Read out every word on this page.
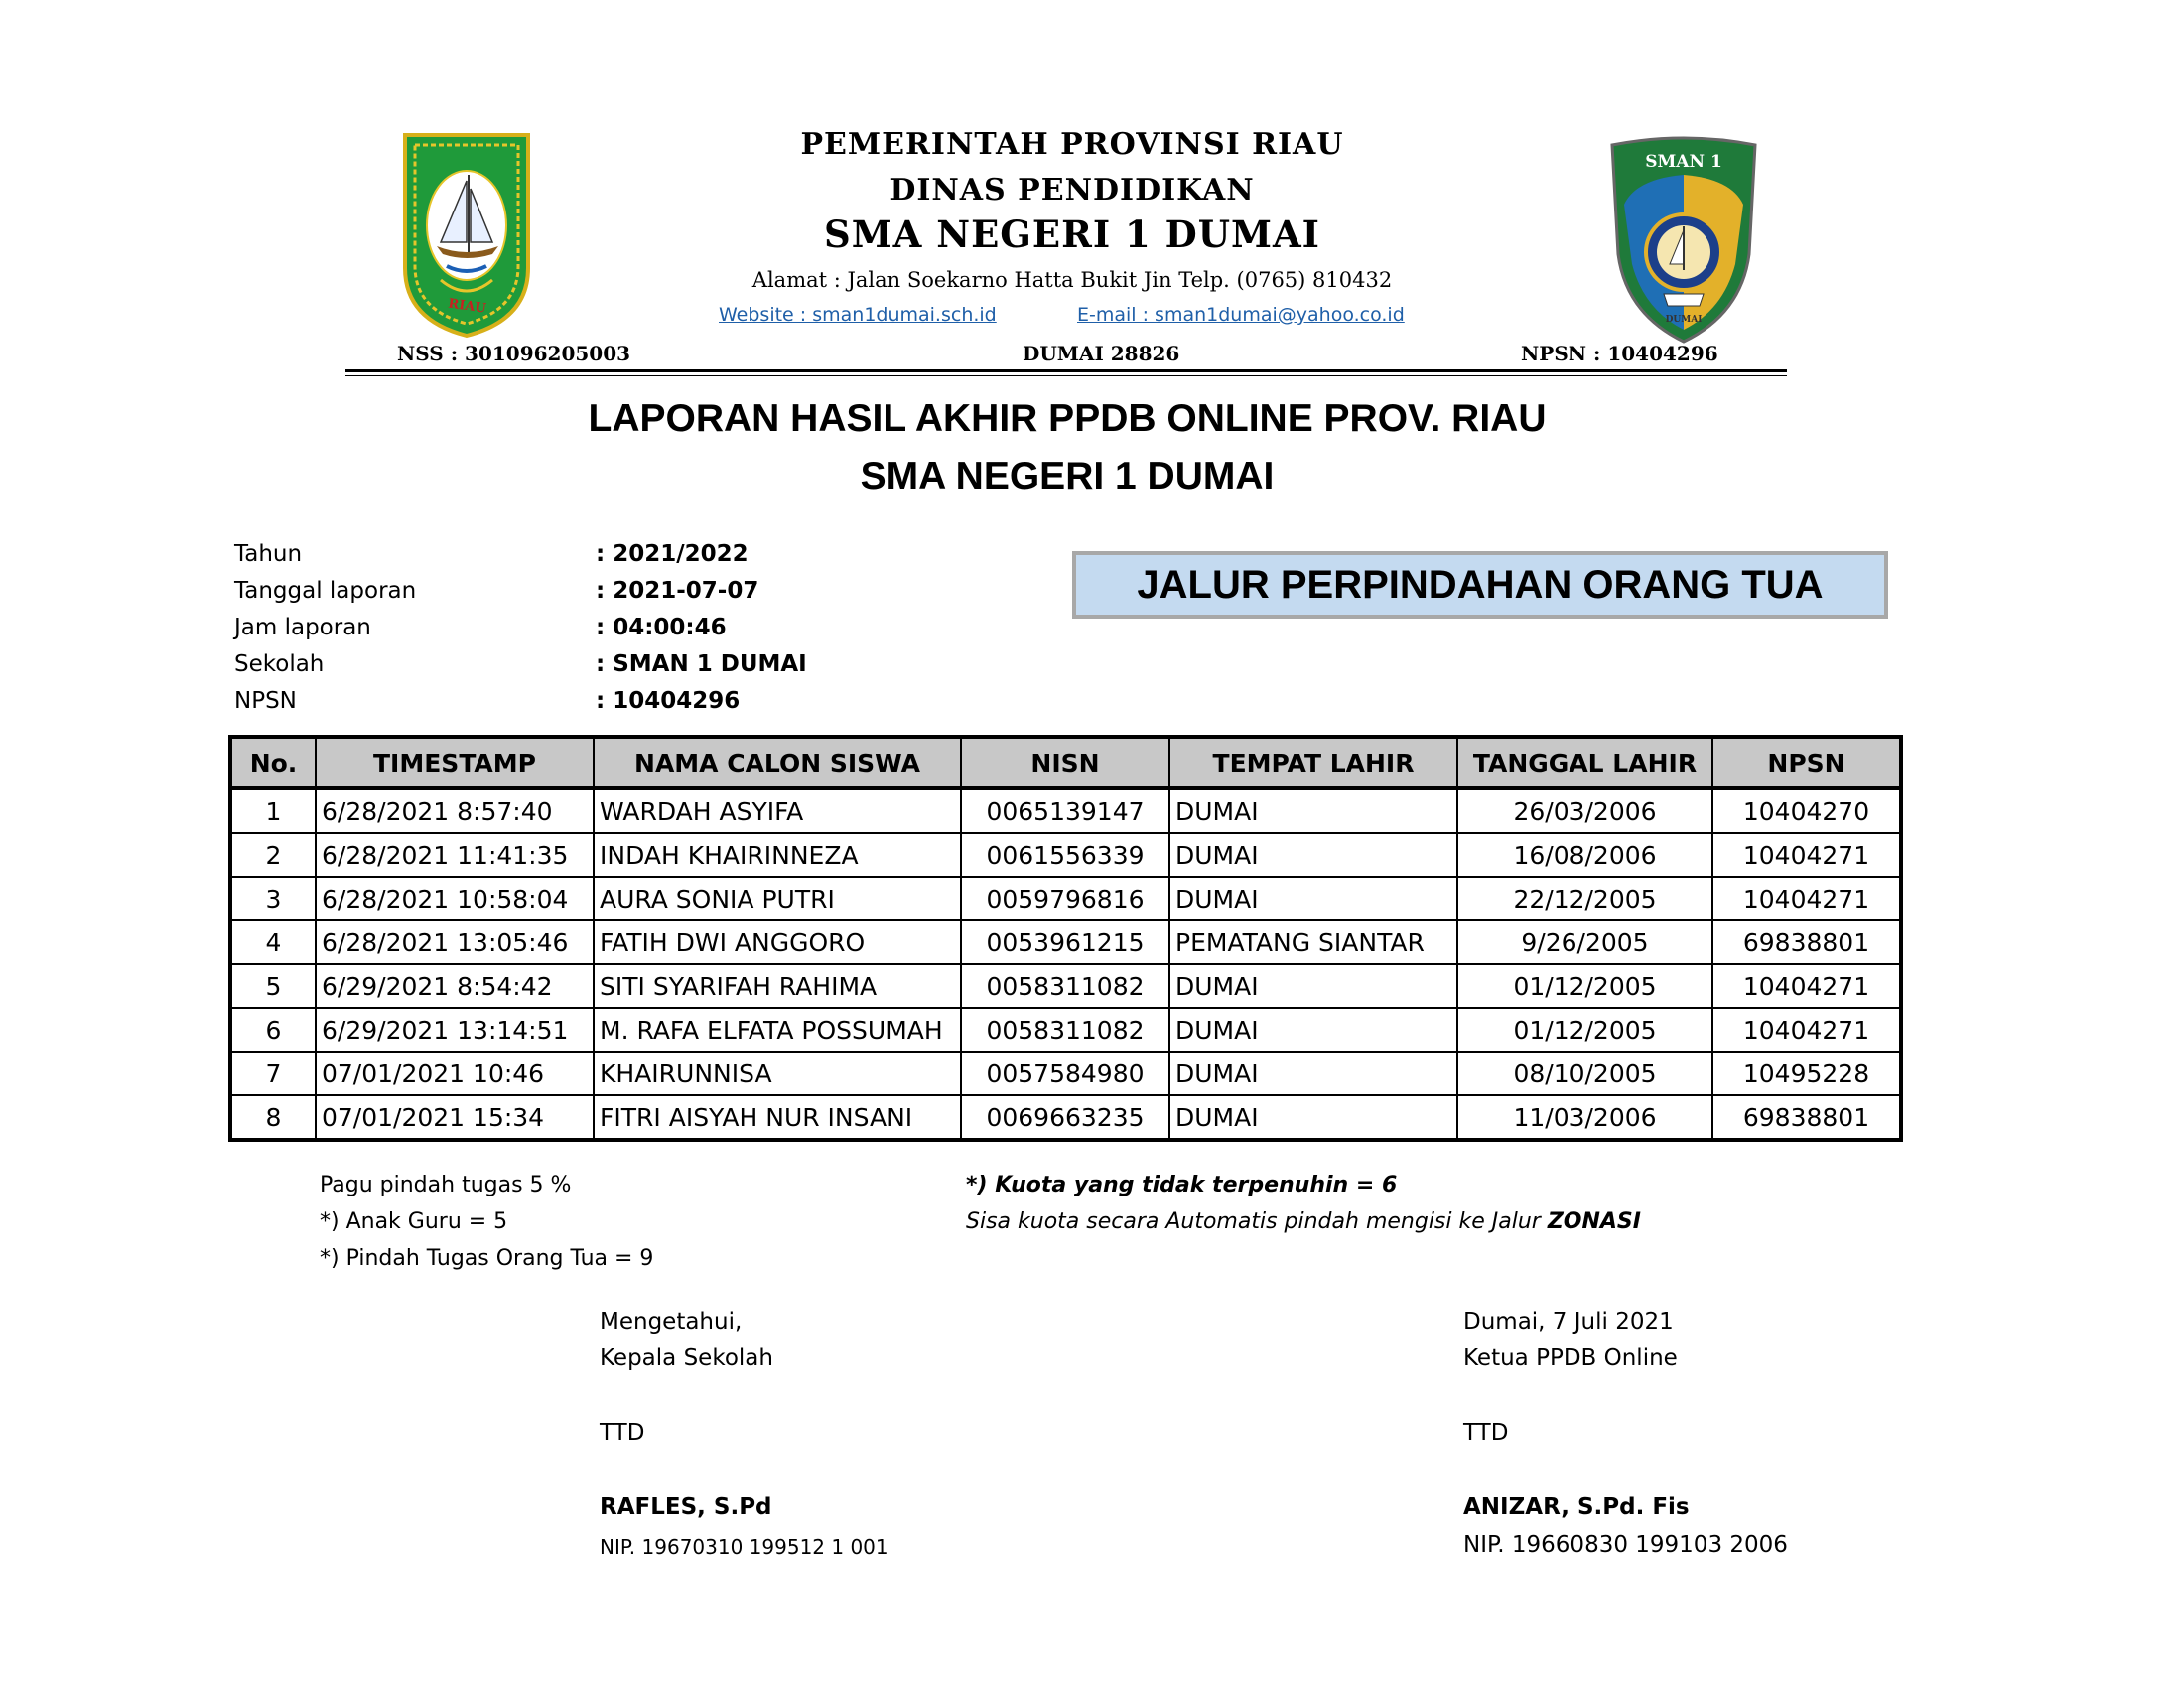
RIAU
SMAN 1
DUMAI
PEMERINTAH PROVINSI RIAU
DINAS PENDIDIKAN
SMA NEGERI 1 DUMAI
Alamat : Jalan Soekarno Hatta Bukit Jin Telp. (0765) 810432
Website : sman1dumai.sch.id	E-mail : sman1dumai@yahoo.co.id
NSS : 301096205003	DUMAI 28826	NPSN : 10404296
LAPORAN HASIL AKHIR PPDB ONLINE PROV. RIAU
SMA NEGERI 1 DUMAI
Tahun	: 2021/2022
Tanggal laporan	: 2021-07-07
Jam laporan	: 04:00:46
Sekolah	: SMAN 1 DUMAI
NPSN	: 10404296
JALUR PERPINDAHAN ORANG TUA
No.	TIMESTAMP	NAMA CALON SISWA	NISN	TEMPAT LAHIR	TANGGAL LAHIR	NPSN
1	6/28/2021 8:57:40	WARDAH ASYIFA	0065139147	DUMAI	26/03/2006	10404270
2	6/28/2021 11:41:35	INDAH KHAIRINNEZA	0061556339	DUMAI	16/08/2006	10404271
3	6/28/2021 10:58:04	AURA SONIA PUTRI	0059796816	DUMAI	22/12/2005	10404271
4	6/28/2021 13:05:46	FATIH DWI ANGGORO	0053961215	PEMATANG SIANTAR	9/26/2005	69838801
5	6/29/2021 8:54:42	SITI SYARIFAH RAHIMA	0058311082	DUMAI	01/12/2005	10404271
6	6/29/2021 13:14:51	M. RAFA ELFATA POSSUMAH	0058311082	DUMAI	01/12/2005	10404271
7	07/01/2021 10:46	KHAIRUNNISA	0057584980	DUMAI	08/10/2005	10495228
8	07/01/2021 15:34	FITRI AISYAH NUR INSANI	0069663235	DUMAI	11/03/2006	69838801
Pagu pindah tugas 5 %
*) Anak Guru = 5
*) Pindah Tugas Orang Tua = 9
*) Kuota yang tidak terpenuhin = 6
Sisa kuota secara Automatis pindah mengisi ke Jalur ZONASI
Mengetahui,
Kepala Sekolah
TTD
RAFLES, S.Pd
NIP. 19670310 199512 1 001
Dumai, 7 Juli 2021
Ketua PPDB Online
TTD
ANIZAR, S.Pd. Fis
NIP. 19660830 199103 2006
